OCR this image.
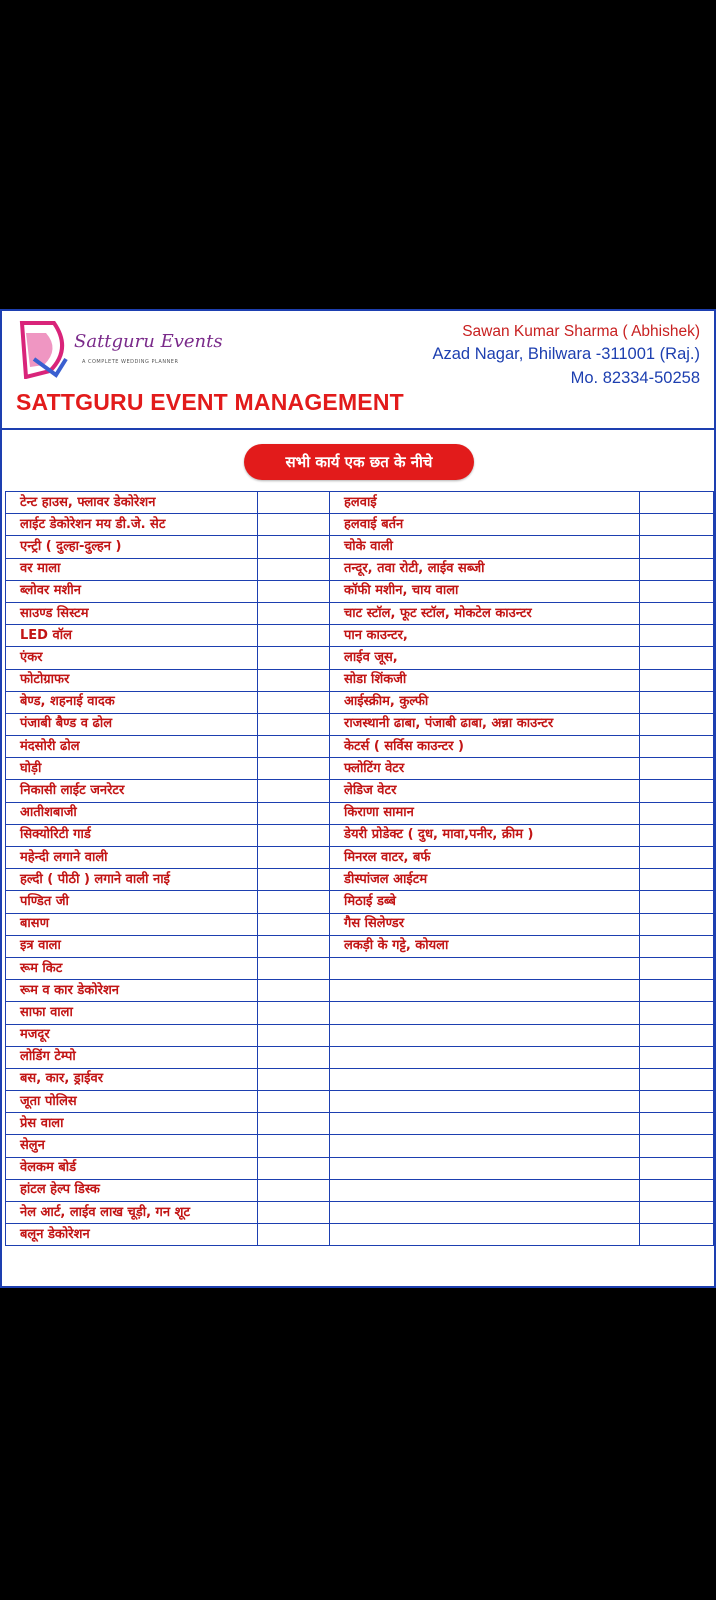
Sattguru Events
A COMPLETE WEDDING PLANNER
SATTGURU EVENT MANAGEMENT
Sawan Kumar Sharma ( Abhishek)
Azad Nagar, Bhilwara -311001 (Raj.)
Mo. 82334-50258
सभी कार्य एक छत के नीचे
टेन्ट हाउस, फ्लावर डेकोरेशन		हलवाई	
लाईट डेकोरेशन मय डी.जे. सेट		हलवाई बर्तन	
एन्ट्री ( दुल्हा-दुल्हन )		चोके वाली	
वर माला		तन्दूर, तवा रोटी, लाईव सब्जी	
ब्लोवर मशीन		कॉफी मशीन, चाय वाला	
साउण्ड सिस्टम		चाट स्टॉल, फूट स्टॉल, मोकटेल काउन्टर	
LED वॉल		पान काउन्टर,	
एंकर		लाईव जूस,	
फोटोग्राफर		सोडा शिंकजी	
बेण्ड, शहनाई वादक		आईस्क्रीम, कुल्फी	
पंजाबी बैण्ड व ढोल		राजस्थानी ढाबा, पंजाबी ढाबा, अन्ना काउन्टर	
मंदसोरी ढोल		केटर्स ( सर्विस काउन्टर )	
घोड़ी		फ्लोटिंग वेटर	
निकासी लाईट जनरेटर		लेडिज वेटर	
आतीशबाजी		किराणा सामान	
सिक्योरिटी गार्ड		डेयरी प्रोडेक्ट ( दुध, मावा,पनीर, क्रीम )	
महेन्दी लगाने वाली		मिनरल वाटर, बर्फ	
हल्दी ( पीठी ) लगाने वाली नाई		डीस्पांजल आईटम	
पण्डित जी		मिठाई डब्बे	
बासण		गैस सिलेण्डर	
इत्र वाला		लकड़ी के गट्टे, कोयला	
रूम किट			
रूम व कार डेकोरेशन			
साफा वाला			
मजदूर			
लोडिंग टेम्पो			
बस, कार, ड्राईवर			
जूता पोलिस			
प्रेस वाला			
सेलुन			
वेलकम बोर्ड			
हांटल हेल्प डिस्क			
नेल आर्ट, लाईव लाख चूड़ी, गन शूट			
बलून डेकोरेशन			
